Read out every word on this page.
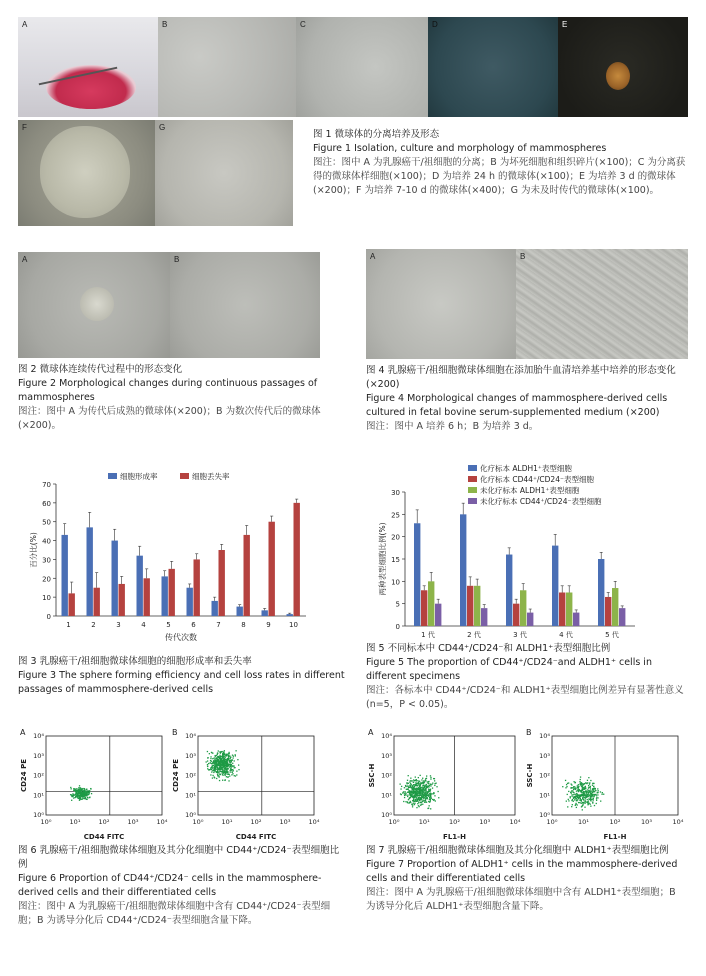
A	B	C	D	E
F	G
图 1 微球体的分离培养及形态
Figure 1 Isolation, culture and morphology of mammospheres
图注：图中 A 为乳腺癌干/祖细胞的分离；B 为坏死细胞和组织碎片(×100)；C 为分离获得的微球体样细胞(×100)；D 为培养 24 h 的微球体(×100)；E 为培养 3 d 的微球体(×200)；F 为培养 7-10 d 的微球体(×400)；G 为未及时传代的微球体(×100)。
A	B
图 2 微球体连续传代过程中的形态变化
Figure 2 Morphological changes during continuous passages of mammospheres
图注：图中 A 为传代后成熟的微球体(×200)；B 为数次传代后的微球体(×200)。
A	B
图 4 乳腺癌干/祖细胞微球体细胞在添加胎牛血清培养基中培养的形态变化(×200)
Figure 4 Morphological changes of mammosphere-derived cells cultured in fetal bovine serum-supplemented medium (×200)
图注：图中 A 培养 6 h；B 为培养 3 d。
0
10
20
30
40
50
60
70
1	2	3	4	5	6	7	8	9	10
细胞形成率	细胞丢失率
百分比(%)
传代次数
图 3 乳腺癌干/祖细胞微球体细胞的细胞形成率和丢失率
Figure 3 The sphere forming efficiency and cell loss rates in different passages of mammosphere-derived cells
0
5
10
15
20
25
30
1 代	2 代	3 代	4 代	5 代
化疗标本 ALDH1⁺表型细胞
化疗标本 CD44⁺/CD24⁻表型细胞
未化疗标本 ALDH1⁺表型细胞
未化疗标本 CD44⁺/CD24⁻表型细胞
两种表型细胞比例(%)
图 5 不同标本中 CD44⁺/CD24⁻和 ALDH1⁺表型细胞比例
Figure 5 The proportion of CD44⁺/CD24⁻and ALDH1⁺ cells in different specimens
图注：各标本中 CD44⁺/CD24⁻和 ALDH1⁺表型细胞比例差异有显著性意义(n=5，P < 0.05)。
A
10⁰
10⁰
10¹
10¹
10²
10²
10³
10³
10⁴
10⁴
CD44 FITC
CD24 PE
B
10⁰
10⁰
10¹
10¹
10²
10²
10³
10³
10⁴
10⁴
CD44 FITC
CD24 PE
图 6 乳腺癌干/祖细胞微球体细胞及其分化细胞中 CD44⁺/CD24⁻表型细胞比例
Figure 6 Proportion of CD44⁺/CD24⁻ cells in the mammosphere-derived cells and their differentiated cells
图注：图中 A 为乳腺癌干/祖细胞微球体细胞中含有 CD44⁺/CD24⁻表型细胞；B 为诱导分化后 CD44⁺/CD24⁻表型细胞含量下降。
A
10⁰
10⁰
10¹
10¹
10²
10²
10³
10³
10⁴
10⁴
FL1-H
SSC-H
B
10⁰
10⁰
10¹
10¹
10²
10²
10³
10³
10⁴
10⁴
FL1-H
SSC-H
图 7 乳腺癌干/祖细胞微球体细胞及其分化细胞中 ALDH1⁺表型细胞比例
Figure 7 Proportion of ALDH1⁺ cells in the mammosphere-derived cells and their differentiated cells
图注：图中 A 为乳腺癌干/祖细胞微球体细胞中含有 ALDH1⁺表型细胞；B 为诱导分化后 ALDH1⁺表型细胞含量下降。
